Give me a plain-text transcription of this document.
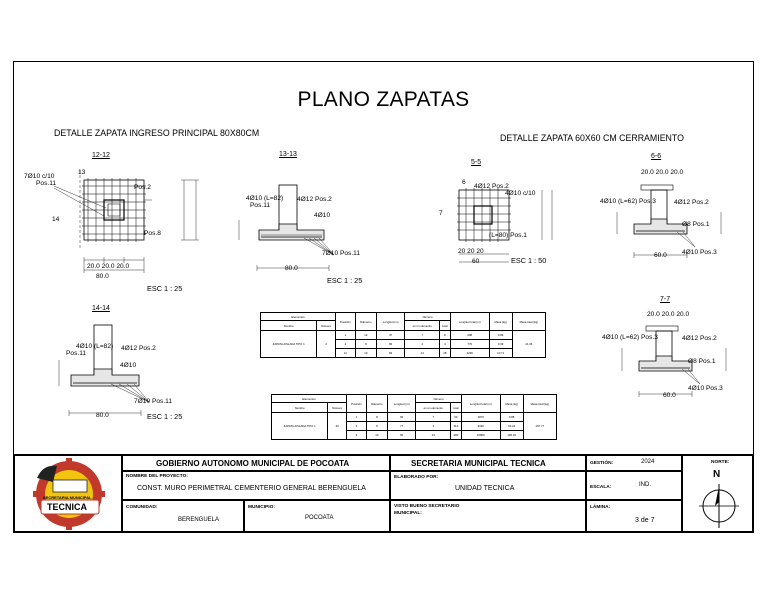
PLANO ZAPATAS
DETALLE ZAPATA INGRESO PRINCIPAL 80X80CM	DETALLE ZAPATA 60X60 CM CERRAMIENTO
12-12
7Ø10 c/10
Pos.11
Pos.2
Pos.8
13
14
20.0 20.0 20.0
80.0
ESC 1 : 25
13-13
4Ø10 (L=82)
Pos.11
4Ø12 Pos.2
4Ø10
7Ø10 Pos.11
80.0
ESC 1 : 25
14-14
4Ø10 (L=82)
Pos.11
4Ø12 Pos.2
4Ø10
7Ø10 Pos.11
80.0	ESC 1 : 25
5-5
4Ø12 Pos.2
4Ø10 c/10
(L=80) Pos.1
6
7
20 20 20
60	ESC 1 : 50
6-6
20.0 20.0 20.0
4Ø10 (L=62) Pos.3	4Ø12 Pos.2
Ø8 Pos.1
4Ø10 Pos.3
60.0
7-7
20.0 20.0 20.0
4Ø10 (L=62) Pos.3	4Ø12 Pos.2
Ø8 Pos.1
4Ø10 Pos.3
60.0
Elementos		Posición	Diámetro	Longitud (m)	Número		Longitud total (m)	Masa (kg)	Masa total (kg)
Nombre	Número				en un elemento	total			
ZAPATA AISLADA TIPO 1	2	1	12	37	7	8	288	0.89	21.06
		2	8	86	2	4	770	0.39	
		11	10	82	14	28	2296	10.71	
Elementos		Posición	Diámetro	Longitud (m)	Número		Longitud total (m)	Masa (kg)	Masa total (kg)
Nombre	Número				en un elemento	total			
ZAPATA AISLADA TIPO 1	30	1	8	60	7	60	1870	0.88	167.77
		2	8	77	4	114	9320	60.24	
		3	10	60	14	280	16800	106.34	
SECRETARIA MUNICIPAL
TECNICA
GOBIERNO AUTONOMO MUNICIPAL DE POCOATA
NOMBRE DEL PROYECTO:
CONST. MURO PERIMETRAL CEMENTERIO GENERAL BERENGUELA
COMUNIDAD:
BERENGUELA
MUNICIPIO:
POCOATA
SECRETARIA MUNICIPAL TECNICA
ELABORADO POR:
UNIDAD TECNICA
VISTO BUENO SECRETARIO
MUNICIPAL:
GESTIÓN:	2024
ESCALA:	IND.
LÁMINA:
3 de 7
NORTE:
N
